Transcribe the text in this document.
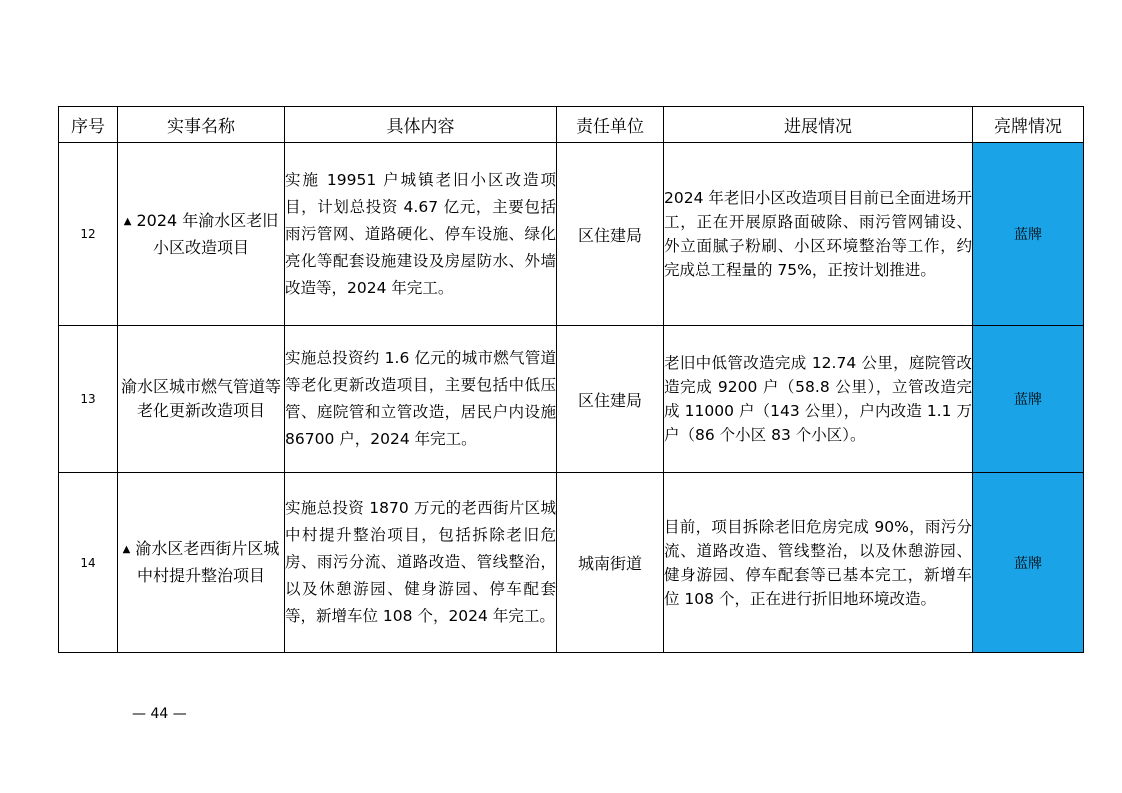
序号	实事名称	具体内容	责任单位	进展情况	亮牌情况
12	▲ 2024 年渝水区老旧小区改造项目	实施 19951 户城镇老旧小区改造项目，计划总投资 4.67 亿元，主要包括雨污管网、道路硬化、停车设施、绿化亮化等配套设施建设及房屋防水、外墙改造等，2024 年完工。	区住建局	2024 年老旧小区改造项目目前已全面进场开工，正在开展原路面破除、雨污管网铺设、外立面腻子粉刷、小区环境整治等工作，约完成总工程量的 75%，正按计划推进。	蓝牌
13	渝水区城市燃气管道等老化更新改造项目	实施总投资约 1.6 亿元的城市燃气管道等老化更新改造项目，主要包括中低压管、庭院管和立管改造，居民户内设施 86700 户，2024 年完工。	区住建局	老旧中低管改造完成 12.74 公里，庭院管改造完成 9200 户（58.8 公里），立管改造完成 11000 户（143 公里），户内改造 1.1 万户（86 个小区 83 个小区）。	蓝牌
14	▲ 渝水区老西街片区城中村提升整治项目	实施总投资 1870 万元的老西街片区城中村提升整治项目，包括拆除老旧危房、雨污分流、道路改造、管线整治，以及休憩游园、健身游园、停车配套等，新增车位 108 个，2024 年完工。	城南街道	目前，项目拆除老旧危房完成 90%，雨污分流、道路改造、管线整治，以及休憩游园、健身游园、停车配套等已基本完工，新增车位 108 个，正在进行折旧地环境改造。	蓝牌
— 44 —
